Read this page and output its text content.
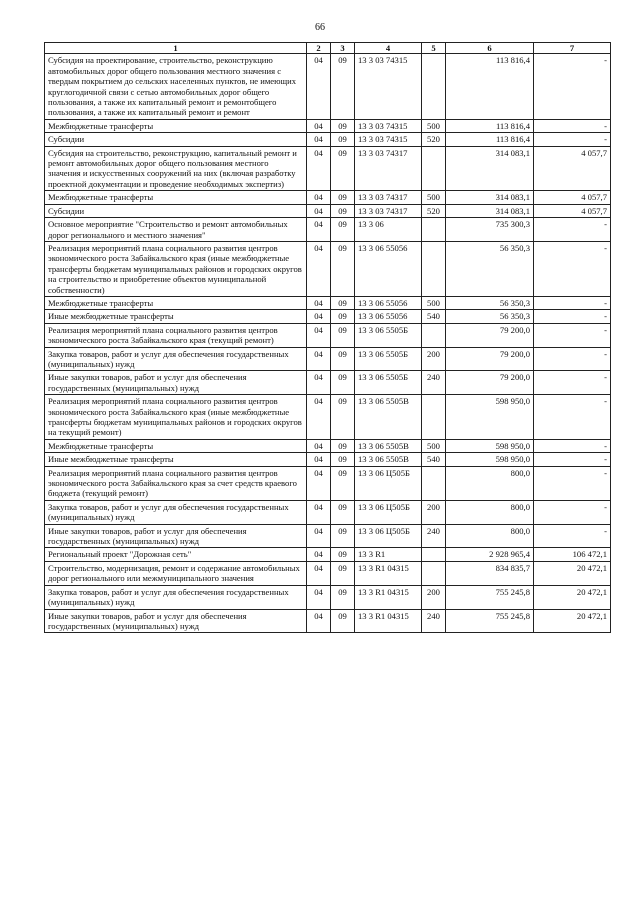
66
1	2	3	4	5	6	7
Субсидия на проектирование, строительство, реконструкцию автомобильных дорог общего пользования местного значения с твердым покрытием до сельских населенных пунктов, не имеющих круглогодичной связи с сетью автомобильных дорог общего пользования, а также их капитальный ремонт и ремонтобщего пользования, а также их капитальный ремонт и ремонт	04	09	13 3 03 74315		113 816,4	-
Межбюджетные трансферты	04	09	13 3 03 74315	500	113 816,4	-
Субсидии	04	09	13 3 03 74315	520	113 816,4	-
Субсидия на строительство, реконструкцию, капитальный ремонт и ремонт автомобильных дорог общего пользования местного значения и искусственных сооружений на них (включая разработку проектной документации и проведение необходимых экспертиз)	04	09	13 3 03 74317		314 083,1	4 057,7
Межбюджетные трансферты	04	09	13 3 03 74317	500	314 083,1	4 057,7
Субсидии	04	09	13 3 03 74317	520	314 083,1	4 057,7
Основное мероприятие "Строительство и ремонт автомобильных дорог регионального и местного значения"	04	09	13 3 06		735 300,3	-
Реализация мероприятий плана социального развития центров экономического роста Забайкальского края (иные межбюджетные трансферты бюджетам муниципальных районов и городских округов на строительство и приобретение объектов муниципальной собственности)	04	09	13 3 06 55056		56 350,3	-
Межбюджетные трансферты	04	09	13 3 06 55056	500	56 350,3	-
Иные межбюджетные трансферты	04	09	13 3 06 55056	540	56 350,3	-
Реализация мероприятий плана социального развития центров экономического роста Забайкальского края (текущий ремонт)	04	09	13 3 06 5505Б		79 200,0	-
Закупка товаров, работ и услуг для обеспечения государственных (муниципальных) нужд	04	09	13 3 06 5505Б	200	79 200,0	-
Иные закупки товаров, работ и услуг для обеспечения государственных (муниципальных) нужд	04	09	13 3 06 5505Б	240	79 200,0	-
Реализация мероприятий плана социального развития центров экономического роста Забайкальского края (иные межбюджетные трансферты бюджетам муниципальных районов и городских округов на текущий ремонт)	04	09	13 3 06 5505В		598 950,0	-
Межбюджетные трансферты	04	09	13 3 06 5505В	500	598 950,0	-
Иные межбюджетные трансферты	04	09	13 3 06 5505В	540	598 950,0	-
Реализация мероприятий плана социального развития центров экономического роста Забайкальского края за счет средств краевого бюджета (текущий ремонт)	04	09	13 3 06 Ц505Б		800,0	-
Закупка товаров, работ и услуг для обеспечения государственных (муниципальных) нужд	04	09	13 3 06 Ц505Б	200	800,0	-
Иные закупки товаров, работ и услуг для обеспечения государственных (муниципальных) нужд	04	09	13 3 06 Ц505Б	240	800,0	-
Региональный проект "Дорожная сеть"	04	09	13 3 R1		2 928 965,4	106 472,1
Строительство, модернизация, ремонт и содержание автомобильных дорог регионального или межмуниципального значения	04	09	13 3 R1 04315		834 835,7	20 472,1
Закупка товаров, работ и услуг для обеспечения государственных (муниципальных) нужд	04	09	13 3 R1 04315	200	755 245,8	20 472,1
Иные закупки товаров, работ и услуг для обеспечения государственных (муниципальных) нужд	04	09	13 3 R1 04315	240	755 245,8	20 472,1
